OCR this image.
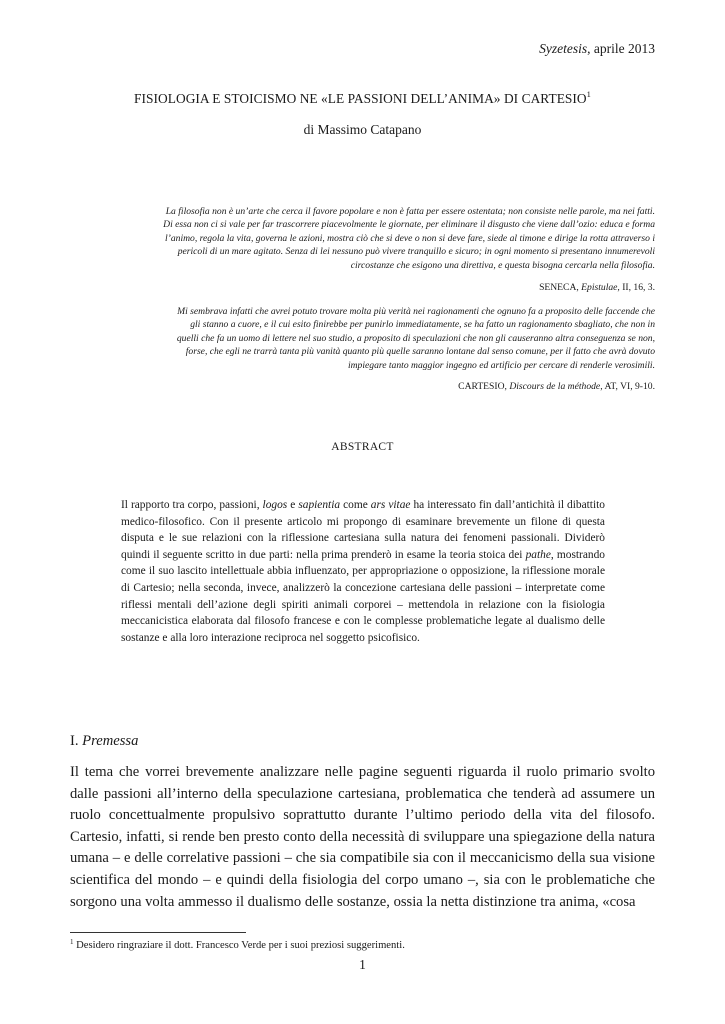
Syzetesis, aprile 2013
FISIOLOGIA E STOICISMO NE «LE PASSIONI DELL’ANIMA» DI CARTESIO$^1$
di Massimo Catapano
La filosofia non è un’arte che cerca il favore popolare e non è fatta per essere ostentata; non consiste nelle parole, ma nei fatti. Di essa non ci si vale per far trascorrere piacevolmente le giornate, per eliminare il disgusto che viene dall’ozio: educa e forma l’animo, regola la vita, governa le azioni, mostra ciò che si deve o non si deve fare, siede al timone e dirige la rotta attraverso i pericoli di un mare agitato. Senza di lei nessuno può vivere tranquillo e sicuro; in ogni momento si presentano innumerevoli circostanze che esigono una direttiva, e questa bisogna cercarla nella filosofia.
SENECA, Epistulae, II, 16, 3.
Mi sembrava infatti che avrei potuto trovare molta più verità nei ragionamenti che ognuno fa a proposito delle faccende che gli stanno a cuore, e il cui esito finirebbe per punirlo immediatamente, se ha fatto un ragionamento sbagliato, che non in quelli che fa un uomo di lettere nel suo studio, a proposito di speculazioni che non gli causeranno altra conseguenza se non, forse, che egli ne trarrà tanta più vanità quanto più quelle saranno lontane dal senso comune, per il fatto che avrà dovuto impiegare tanto maggior ingegno ed artificio per cercare di renderle verosimili.
CARTESIO, Discours de la méthode, AT, VI, 9-10.
ABSTRACT
Il rapporto tra corpo, passioni, logos e sapientia come ars vitae ha interessato fin dall’antichità il dibattito medico-filosofico. Con il presente articolo mi propongo di esaminare brevemente un filone di questa disputa e le sue relazioni con la riflessione cartesiana sulla natura dei fenomeni passionali. Dividerò quindi il seguente scritto in due parti: nella prima prenderò in esame la teoria stoica dei pathe, mostrando come il suo lascito intellettuale abbia influenzato, per appropriazione o opposizione, la riflessione morale di Cartesio; nella seconda, invece, analizzerò la concezione cartesiana delle passioni – interpretate come riflessi mentali dell’azione degli spiriti animali corporei – mettendola in relazione con la fisiologia meccanicistica elaborata dal filosofo francese e con le complesse problematiche legate al dualismo delle sostanze e alla loro interazione reciproca nel soggetto psicofisico.
I. Premessa
Il tema che vorrei brevemente analizzare nelle pagine seguenti riguarda il ruolo primario svolto dalle passioni all’interno della speculazione cartesiana, problematica che tenderà ad assumere un ruolo concettualmente propulsivo soprattutto durante l’ultimo periodo della vita del filosofo. Cartesio, infatti, si rende ben presto conto della necessità di sviluppare una spiegazione della natura umana – e delle correlative passioni – che sia compatibile sia con il meccanicismo della sua visione scientifica del mondo – e quindi della fisiologia del corpo umano –, sia con le problematiche che sorgono una volta ammesso il dualismo delle sostanze, ossia la netta distinzione tra anima, «cosa
$^1$ Desidero ringraziare il dott. Francesco Verde per i suoi preziosi suggerimenti.
1
